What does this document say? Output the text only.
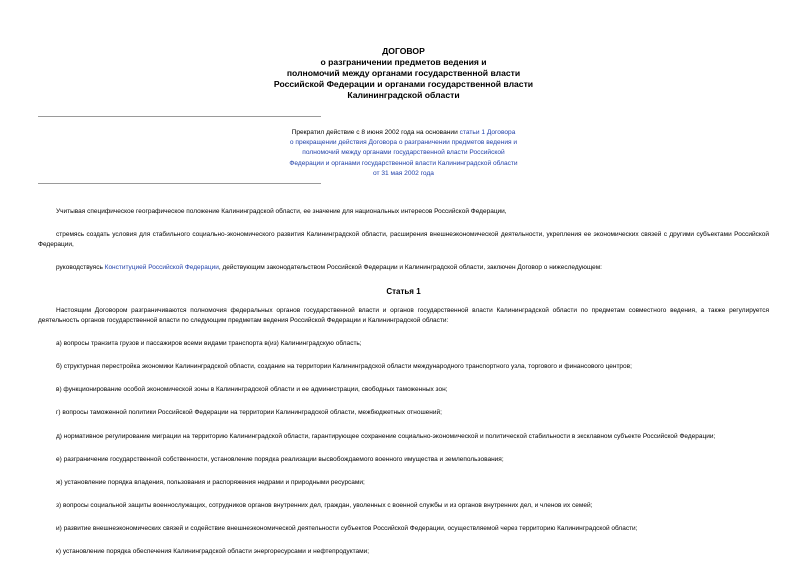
ДОГОВОР
о разграничении предметов ведения и
полномочий между органами государственной власти
Российской Федерации и органами государственной власти
Калининградской области
Прекратил действие с 8 июня 2002 года на основании статьи 1 Договора
о прекращении действия Договора о разграничении предметов ведения и
полномочий между органами государственной власти Российской
Федерации и органами государственной власти Калининградской области
от 31 мая 2002 года

Учитывая специфическое географическое положение Калининградской области, ее значение для национальных интересов Российской Федерации,

стремясь создать условия для стабильного социально-экономического развития Калининградской области, расширения внешнеэкономической деятельности, укрепления ее экономических связей с другими субъектами Российской Федерации,

руководствуясь Конституцией Российской Федерации, действующим законодательством Российской Федерации и Калининградской области, заключен Договор о нижеследующем:

Статья 1

Настоящим Договором разграничиваются полномочия федеральных органов государственной власти и органов государственной власти Калининградской области по предметам совместного ведения, а также регулируется деятельность органов государственной власти по следующим предметам ведения Российской Федерации и Калининградской области:

а) вопросы транзита грузов и пассажиров всеми видами транспорта в(из) Калининградскую область;

б) структурная перестройка экономики Калининградской области, создание на территории Калининградской области международного транспортного узла, торгового и финансового центров;

в) функционирование особой экономической зоны в Калининградской области и ее администрации, свободных таможенных зон;

г) вопросы таможенной политики Российской Федерации на территории Калининградской области, межбюджетных отношений;

д) нормативное регулирование миграции на территорию Калининградской области, гарантирующее сохранение социально-экономической и политической стабильности в эксклавном субъекте Российской Федерации;

е) разграничение государственной собственности, установление порядка реализации высвобождаемого военного имущества и землепользования;

ж) установление порядка владения, пользования и распоряжения недрами и природными ресурсами;

з) вопросы социальной защиты военнослужащих, сотрудников органов внутренних дел, граждан, уволенных с военной службы и из органов внутренних дел, и членов их семей;

и) развитие внешнеэкономических связей и содействие внешнеэкономической деятельности субъектов Российской Федерации, осуществляемой через территорию Калининградской области;

к) установление порядка обеспечения Калининградской области энергоресурсами и нефтепродуктами;
